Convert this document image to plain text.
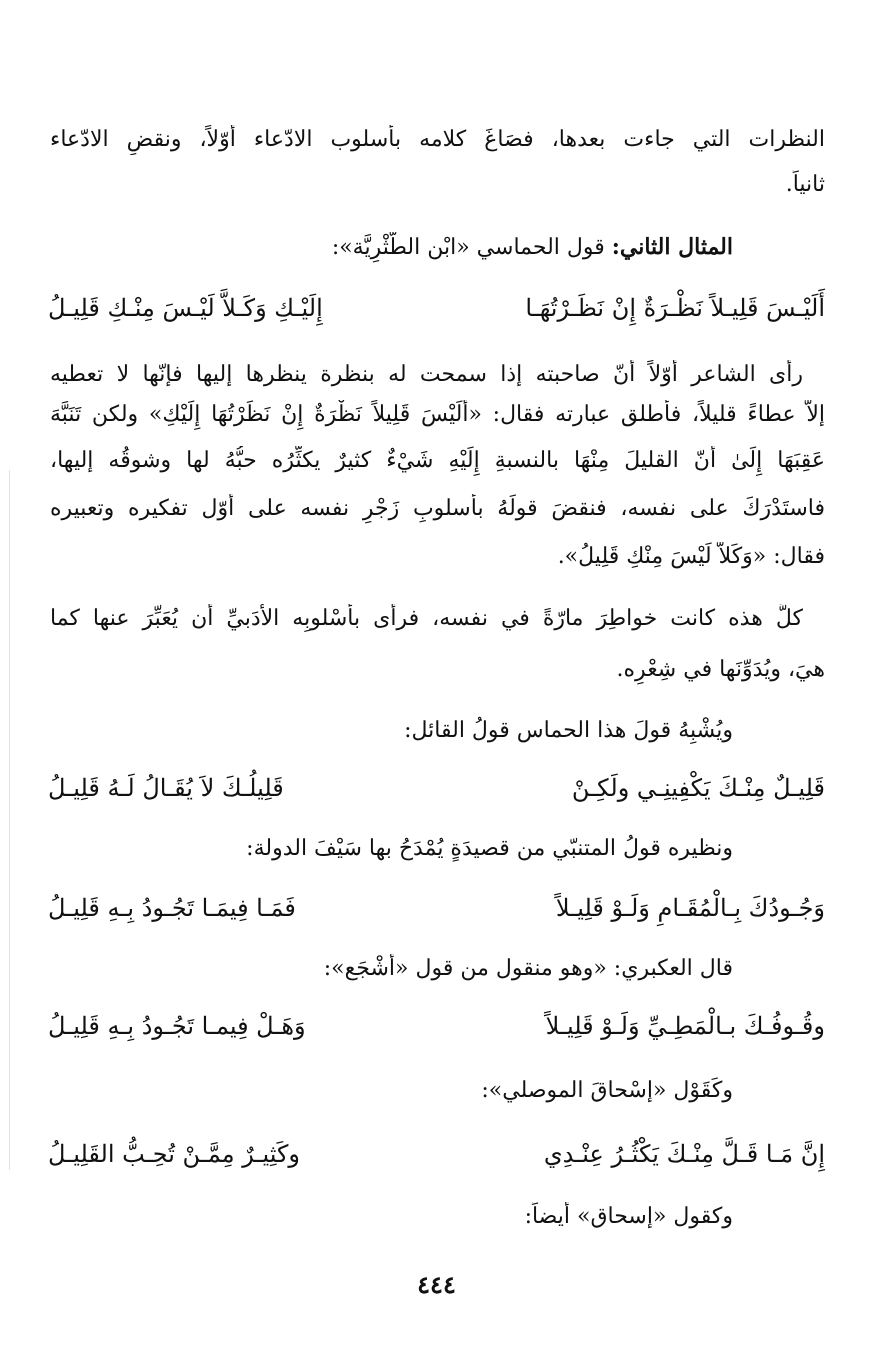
النظرات التي جاءت بعدها، فصَاغَ كلامه بأسلوب الادّعاء أوّلاً، ونقضِ الادّعاء
ثانياً.
المثال الثاني: قول الحماسي «ابْن الطَّثْرِيَّة»:
أَلَيْـسَ قَلِيـلاً نَظْـرَةٌ إِنْ نَظَـرْتُهَـا
إِلَيْـكِ وَكَـلاَّ لَيْـسَ مِنْـكِ قَلِيـلُ
رأى الشاعر أوّلاً أنّ صاحبته إذا سمحت له بنظرة ينظرها إليها فإنّها لا تعطيه
إلاّ عطاءً قليلاً، فأطلق عبارته فقال: «أَلَيْسَ قَلِيلاً نَظْرَةٌ إِنْ نَظَرْتُهَا إِلَيْكِ» ولكن تَنَبَّهَ
عَقِبَهَا إِلَىٰ أَنّ القليلَ مِنْهَا بالنسبةِ إِلَيْهِ شَيْءٌ كثيرٌ يكثِّرُه حبُّهُ لها وشوقُه إليها،
فاستَدْرَكَ على نفسه، فنقضَ قولَهُ بأُسلوبِ زَجْرِ نفسه على أوّل تفكيره وتعبيره
فقال: «وَكَلاَّ لَيْسَ مِنْكِ قَلِيلُ».
كلُّ هذه كانت خواطِرَ مارّةً في نفسه، فرأى بأُسْلوبِه الأَدَبيِّ أن يُعَبِّرَ عنها كما
هيَ، ويُدَوِّنَها في شِعْرِه.
ويُشْبِهُ قولَ هذا الحماس قولُ القائل:
قَلِيـلٌ مِنْـكَ يَكْفِينِـي ولَكِـنْ
قَلِيلُـكَ لاَ يُقَـالُ لَـهُ قَلِيـلُ
ونظيره قولُ المتنبّي من قصيدَةٍ يُمْدَحُ بها سَيْفَ الدولة:
وَجُـودُكَ بِـالْمُقَـامِ وَلَـوْ قَلِيـلاً
فَمَـا فِيمَـا تَجُـودُ بِـهِ قَلِيـلُ
قال العكبري: «وهو منقول من قول «أشْجَع»:
وقُـوفُـكَ بـالْمَطِـيِّ وَلَـوْ قَلِيـلاً
وَهَـلْ فِيمـا تَجُـودُ بِـهِ قَلِيـلُ
وكَقَوْل «إسْحاقَ الموصلي»:
إِنَّ مَـا قَـلَّ مِنْـكَ يَكْثُـرُ عِنْـدِي
وكَثِيـرٌ مِمَّـنْ تُحِـبُّ القَلِيـلُ
وكقول «إسحاق» أيضاً:
٤٤٤
